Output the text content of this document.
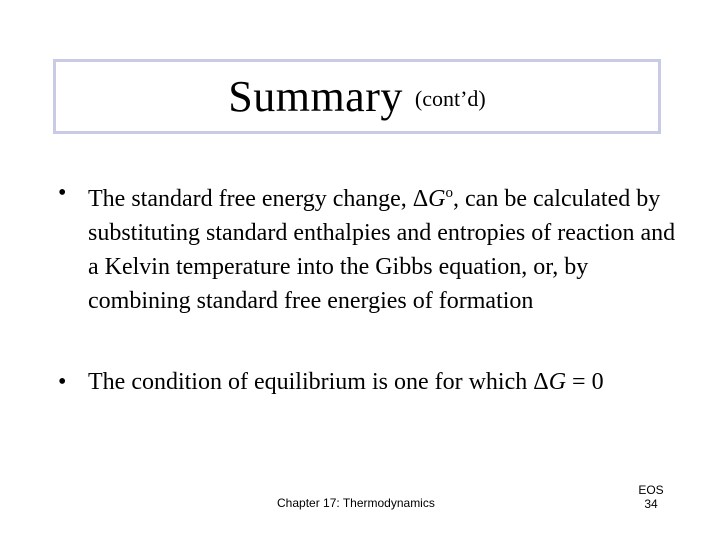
Summary (cont’d)
• The standard free energy change, $\Delta G^o$, can be calculated by substituting standard enthalpies and entropies of reaction and a Kelvin temperature into the Gibbs equation, or, by combining standard free energies of formation
• The condition of equilibrium is one for which ΔG = 0
Chapter 17: Thermodynamics
EOS
34
